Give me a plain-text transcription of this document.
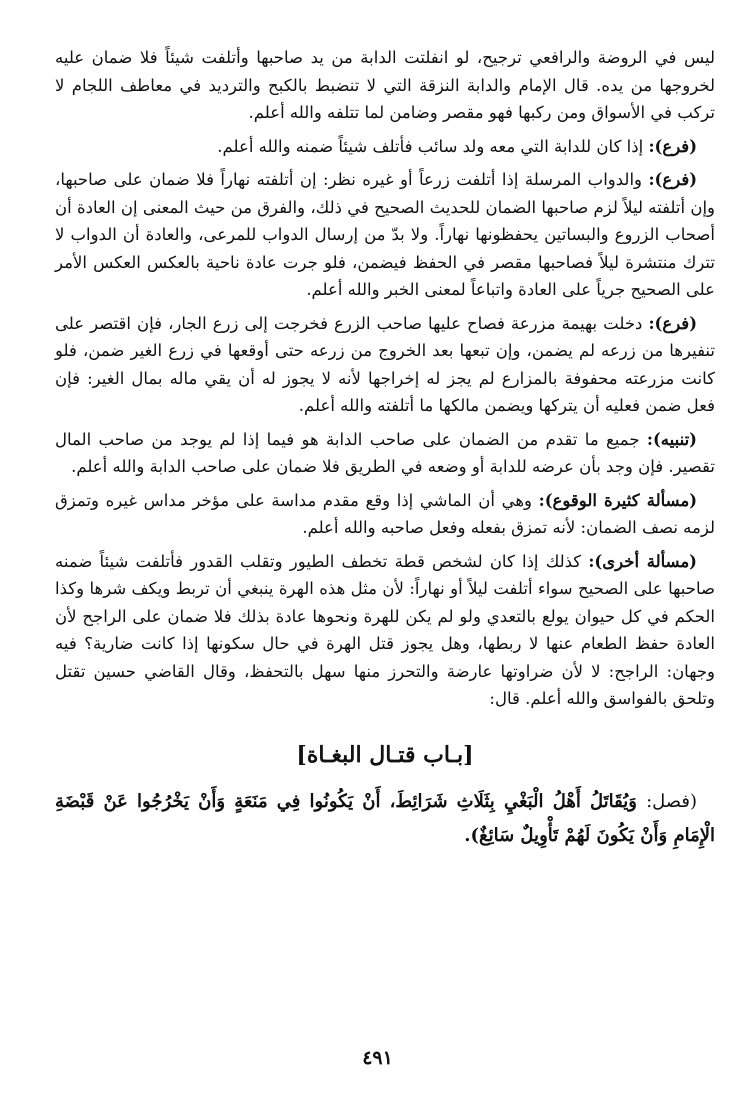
ليس في الروضة والرافعي ترجيح، لو انفلتت الدابة من يد صاحبها وأتلفت شيئاً فلا ضمان عليه لخروجها من يده. قال الإمام والدابة النزقة التي لا تنضبط بالكبح والترديد في معاطف اللجام لا تركب في الأسواق ومن ركبها فهو مقصر وضامن لما تتلفه والله أعلم.

(فرع): إذا كان للدابة التي معه ولد سائب فأتلف شيئاً ضمنه والله أعلم.

(فرع): والدواب المرسلة إذا أتلفت زرعاً أو غيره نظر: إن أتلفته نهاراً فلا ضمان على صاحبها، وإن أتلفته ليلاً لزم صاحبها الضمان للحديث الصحيح في ذلك، والفرق من حيث المعنى إن العادة أن أصحاب الزروع والبساتين يحفظونها نهاراً. ولا بدّ من إرسال الدواب للمرعى، والعادة أن الدواب لا تترك منتشرة ليلاً فصاحبها مقصر في الحفظ فيضمن، فلو جرت عادة ناحية بالعكس العكس الأمر على الصحيح جرياً على العادة واتباعاً لمعنى الخبر والله أعلم.

(فرع): دخلت بهيمة مزرعة فصاح عليها صاحب الزرع فخرجت إلى زرع الجار، فإن اقتصر على تنفيرها من زرعه لم يضمن، وإن تبعها بعد الخروج من زرعه حتى أوقعها في زرع الغير ضمن، فلو كانت مزرعته محفوفة بالمزارع لم يجز له إخراجها لأنه لا يجوز له أن يقي ماله بمال الغير: فإن فعل ضمن فعليه أن يتركها ويضمن مالكها ما أتلفته والله أعلم.

(تنبيه): جميع ما تقدم من الضمان على صاحب الدابة هو فيما إذا لم يوجد من صاحب المال تقصير. فإن وجد بأن عرضه للدابة أو وضعه في الطريق فلا ضمان على صاحب الدابة والله أعلم.

(مسألة كثيرة الوقوع): وهي أن الماشي إذا وقع مقدم مداسة على مؤخر مداس غيره وتمزق لزمه نصف الضمان: لأنه تمزق بفعله وفعل صاحبه والله أعلم.

(مسألة أخرى): كذلك إذا كان لشخص قطة تخطف الطيور وتقلب القدور فأتلفت شيئاً ضمنه صاحبها على الصحيح سواء أتلفت ليلاً أو نهاراً: لأن مثل هذه الهرة ينبغي أن تربط ويكف شرها وكذا الحكم في كل حيوان يولع بالتعدي ولو لم يكن للهرة ونحوها عادة بذلك فلا ضمان على الراجح لأن العادة حفظ الطعام عنها لا ربطها، وهل يجوز قتل الهرة في حال سكونها إذا كانت ضارية؟ فيه وجهان: الراجح: لا لأن ضراوتها عارضة والتحرز منها سهل بالتحفظ، وقال القاضي حسين تقتل وتلحق بالفواسق والله أعلم. قال:

[بـاب قتـال البغـاة]

(فصل: وَيُقَاتَلُ أَهْلُ الْبَغْيِ بِثَلَاثِ شَرَائِطَ، أَنْ يَكُونُوا فِي مَنَعَةٍ وَأَنْ يَخْرُجُوا عَنْ قَبْضَةِ الْإِمَامِ وَأَنْ يَكُونَ لَهُمْ تَأْوِيلٌ سَائِغٌ).

٤٩١
